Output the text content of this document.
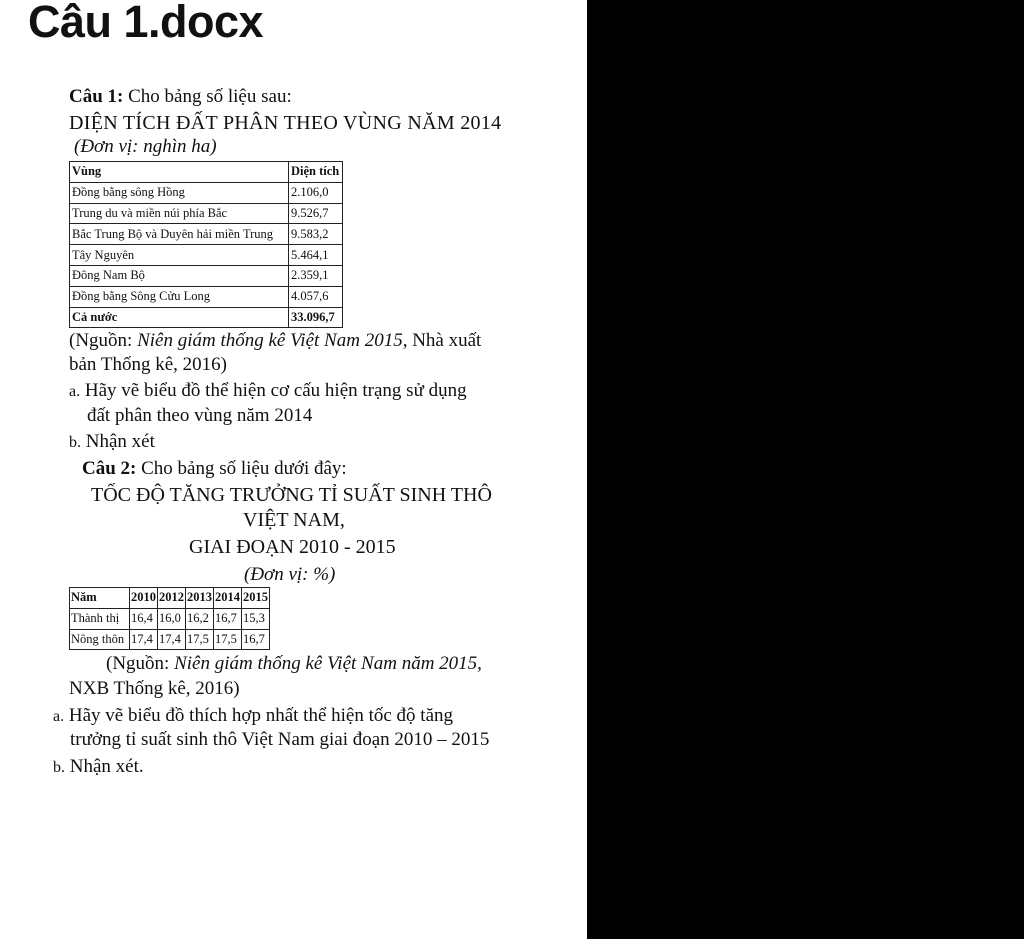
Câu 1.docx
Câu 1: Cho bảng số liệu sau:
DIỆN TÍCH ĐẤT PHÂN THEO VÙNG NĂM 2014
(Đơn vị: nghìn ha)
Vùng	Diện tích
Đồng bằng sông Hồng	2.106,0
Trung du và miền núi phía Bắc	9.526,7
Bắc Trung Bộ và Duyên hải miền Trung	9.583,2
Tây Nguyên	5.464,1
Đông Nam Bộ	2.359,1
Đồng bằng Sông Cửu Long	4.057,6
Cả nước	33.096,7
(Nguồn: Niên giám thống kê Việt Nam 2015, Nhà xuất
bản Thống kê, 2016)
a. Hãy vẽ biểu đồ thể hiện cơ cấu hiện trạng sử dụng
đất phân theo vùng năm 2014
b. Nhận xét
Câu 2: Cho bảng số liệu dưới đây:
TỐC ĐỘ TĂNG TRƯỞNG TỈ SUẤT SINH THÔ
VIỆT NAM,
GIAI ĐOẠN 2010 - 2015
(Đơn vị: %)
Năm	2010	2012	2013	2014	2015
Thành thị	16,4	16,0	16,2	16,7	15,3
Nông thôn	17,4	17,4	17,5	17,5	16,7
(Nguồn: Niên giám thống kê Việt Nam năm 2015,
NXB Thống kê, 2016)
a. Hãy vẽ biểu đồ thích hợp nhất thể hiện tốc độ tăng
trưởng tỉ suất sinh thô Việt Nam giai đoạn 2010 – 2015
b. Nhận xét.
